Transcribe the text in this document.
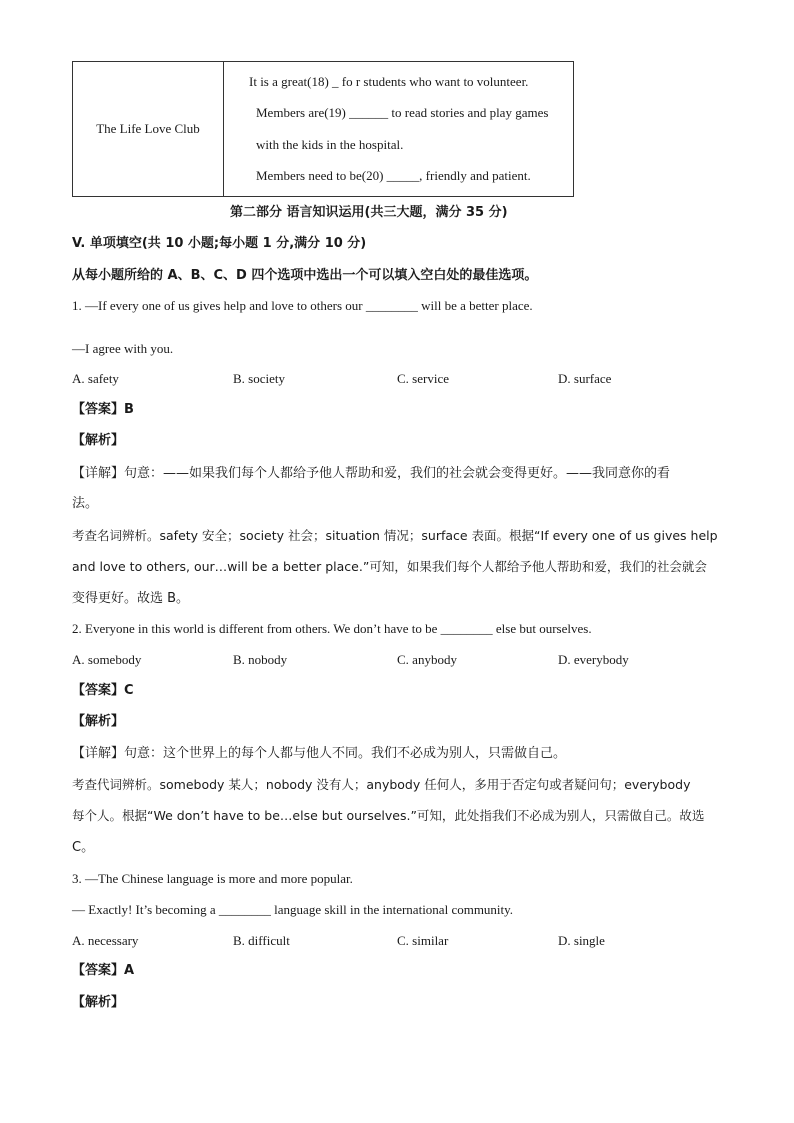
The Life Love Club	
It is a great(18) _ fo r students who want to volunteer.
Members are(19) ______ to read stories and play games
with the kids in the hospital.
Members need to be(20) _____, friendly and patient.
第二部分 语言知识运用(共三大题，满分 35 分)
V. 单项填空(共 10 小题;每小题 1 分,满分 10 分)
从每小题所给的 A、B、C、D 四个选项中选出一个可以填入空白处的最佳选项。
1. —If every one of us gives help and love to others our ________ will be a better place.
—I agree with you.
A. safety	B. society	C. service	D. surface
【答案】B
【解析】
【详解】句意：——如果我们每个人都给予他人帮助和爱，我们的社会就会变得更好。——我同意你的看
法。
考查名词辨析。safety 安全；society 社会；situation 情况；surface 表面。根据“If every one of us gives help
and love to others, our…will be a better place.”可知，如果我们每个人都给予他人帮助和爱，我们的社会就会
变得更好。故选 B。
2. Everyone in this world is different from others. We don’t have to be ________ else but ourselves.
A. somebody	B. nobody	C. anybody	D. everybody
【答案】C
【解析】
【详解】句意：这个世界上的每个人都与他人不同。我们不必成为别人，只需做自己。
考查代词辨析。somebody 某人；nobody 没有人；anybody 任何人，多用于否定句或者疑问句；everybody
每个人。根据“We don’t have to be…else but ourselves.”可知，此处指我们不必成为别人，只需做自己。故选
C。
3. —The Chinese language is more and more popular.
— Exactly! It’s becoming a ________ language skill in the international community.
A. necessary	B. difficult	C. similar	D. single
【答案】A
【解析】
